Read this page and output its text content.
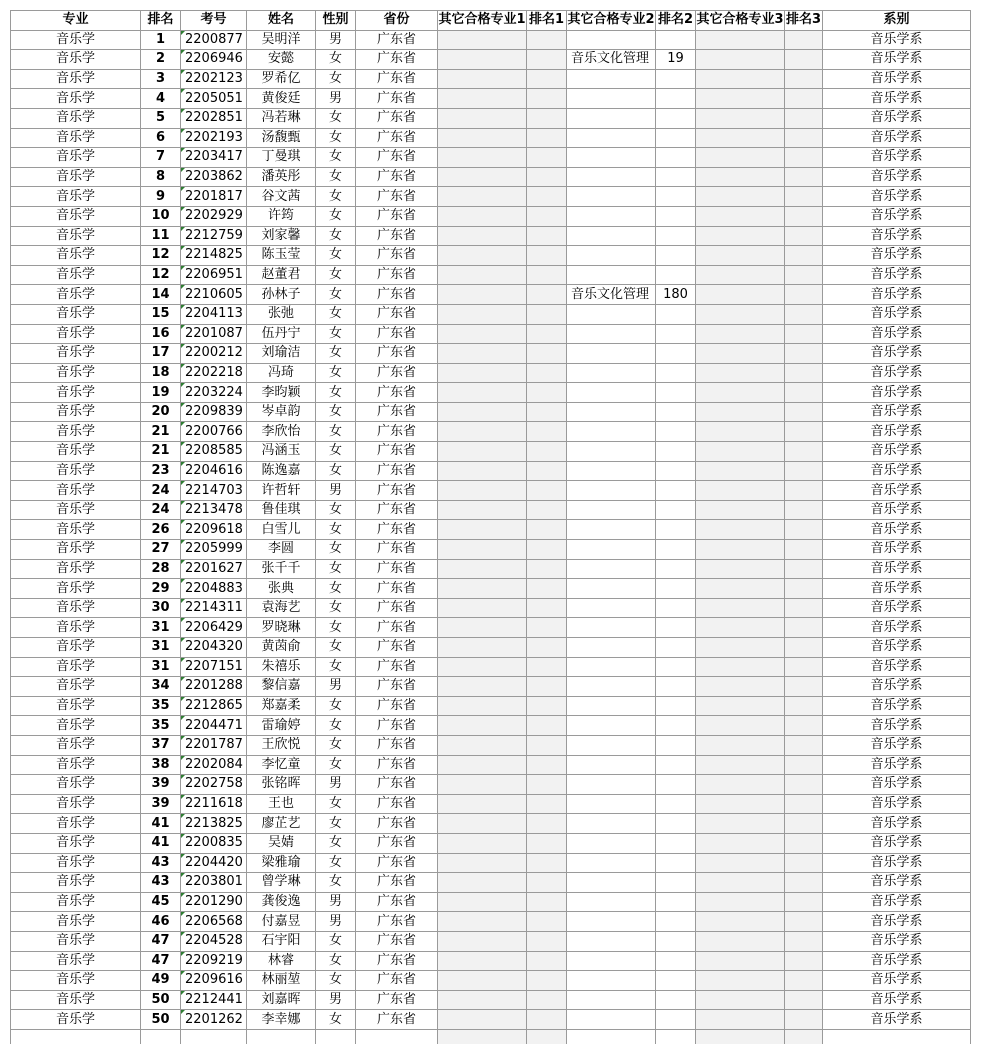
专业	排名	考号	姓名	性别	省份	其它合格专业1	排名1	其它合格专业2	排名2	其它合格专业3	排名3	系别
音乐学	1	2200877	吴明洋	男	广东省							音乐学系
音乐学	2	2206946	安懿	女	广东省			音乐文化管理	19			音乐学系
音乐学	3	2202123	罗希亿	女	广东省							音乐学系
音乐学	4	2205051	黄俊廷	男	广东省							音乐学系
音乐学	5	2202851	冯若琳	女	广东省							音乐学系
音乐学	6	2202193	汤馥甄	女	广东省							音乐学系
音乐学	7	2203417	丁曼琪	女	广东省							音乐学系
音乐学	8	2203862	潘英彤	女	广东省							音乐学系
音乐学	9	2201817	谷文茜	女	广东省							音乐学系
音乐学	10	2202929	许筠	女	广东省							音乐学系
音乐学	11	2212759	刘家馨	女	广东省							音乐学系
音乐学	12	2214825	陈玉莹	女	广东省							音乐学系
音乐学	12	2206951	赵董君	女	广东省							音乐学系
音乐学	14	2210605	孙林子	女	广东省			音乐文化管理	180			音乐学系
音乐学	15	2204113	张弛	女	广东省							音乐学系
音乐学	16	2201087	伍丹宁	女	广东省							音乐学系
音乐学	17	2200212	刘瑜洁	女	广东省							音乐学系
音乐学	18	2202218	冯琦	女	广东省							音乐学系
音乐学	19	2203224	李昀颖	女	广东省							音乐学系
音乐学	20	2209839	岑卓韵	女	广东省							音乐学系
音乐学	21	2200766	李欣怡	女	广东省							音乐学系
音乐学	21	2208585	冯涵玉	女	广东省							音乐学系
音乐学	23	2204616	陈逸嘉	女	广东省							音乐学系
音乐学	24	2214703	许哲轩	男	广东省							音乐学系
音乐学	24	2213478	鲁佳琪	女	广东省							音乐学系
音乐学	26	2209618	白雪儿	女	广东省							音乐学系
音乐学	27	2205999	李圆	女	广东省							音乐学系
音乐学	28	2201627	张千千	女	广东省							音乐学系
音乐学	29	2204883	张典	女	广东省							音乐学系
音乐学	30	2214311	袁海艺	女	广东省							音乐学系
音乐学	31	2206429	罗晓琳	女	广东省							音乐学系
音乐学	31	2204320	黄茵俞	女	广东省							音乐学系
音乐学	31	2207151	朱禧乐	女	广东省							音乐学系
音乐学	34	2201288	黎信嘉	男	广东省							音乐学系
音乐学	35	2212865	郑嘉柔	女	广东省							音乐学系
音乐学	35	2204471	雷瑜婷	女	广东省							音乐学系
音乐学	37	2201787	王欣悦	女	广东省							音乐学系
音乐学	38	2202084	李忆童	女	广东省							音乐学系
音乐学	39	2202758	张铭晖	男	广东省							音乐学系
音乐学	39	2211618	王也	女	广东省							音乐学系
音乐学	41	2213825	廖芷艺	女	广东省							音乐学系
音乐学	41	2200835	吴婧	女	广东省							音乐学系
音乐学	43	2204420	梁雅瑜	女	广东省							音乐学系
音乐学	43	2203801	曾学琳	女	广东省							音乐学系
音乐学	45	2201290	龚俊逸	男	广东省							音乐学系
音乐学	46	2206568	付嘉昱	男	广东省							音乐学系
音乐学	47	2204528	石宇阳	女	广东省							音乐学系
音乐学	47	2209219	林睿	女	广东省							音乐学系
音乐学	49	2209616	林丽堃	女	广东省							音乐学系
音乐学	50	2212441	刘嘉晖	男	广东省							音乐学系
音乐学	50	2201262	李幸娜	女	广东省							音乐学系
